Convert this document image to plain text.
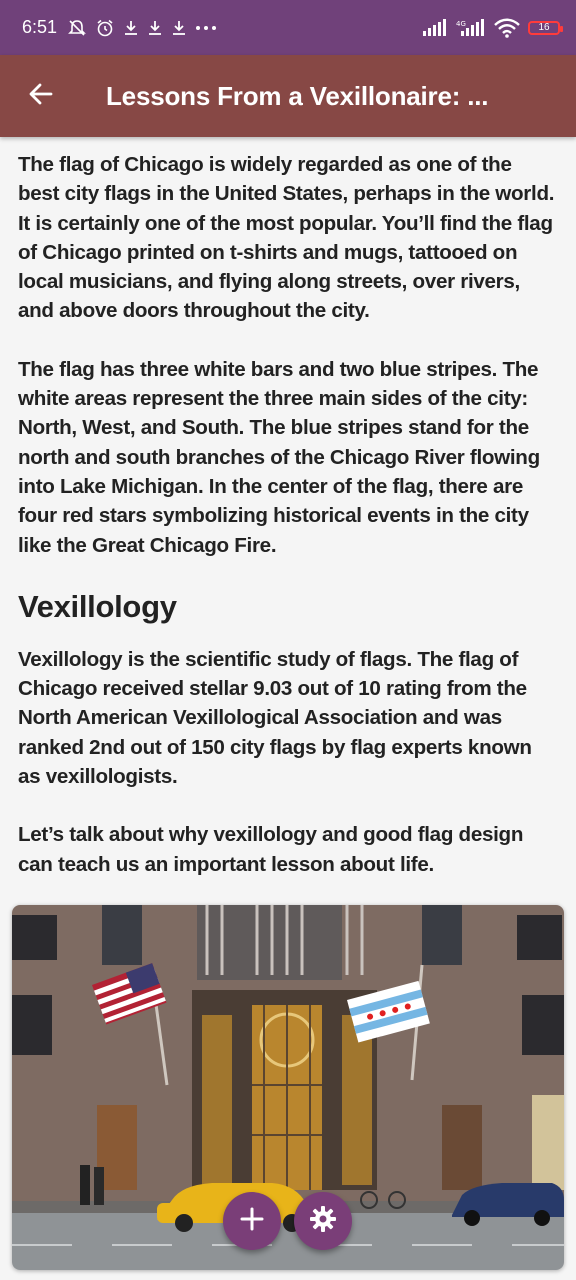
6:51	4G	16
Lessons From a Vexillonaire: ...

The flag of Chicago is widely regarded as one of the best city flags in the United States, perhaps in the world. It is certainly one of the most popular. You’ll find the flag of Chicago printed on t-shirts and mugs, tattooed on local musicians, and flying along streets, over rivers, and above doors throughout the city.

The flag has three white bars and two blue stripes. The white areas represent the three main sides of the city: North, West, and South. The blue stripes stand for the north and south branches of the Chicago River flowing into Lake Michigan. In the center of the flag, there are four red stars symbolizing historical events in the city like the Great Chicago Fire.

Vexillology

Vexillology is the scientific study of flags. The flag of Chicago received stellar 9.03 out of 10 rating from the North American Vexillological Association and was ranked 2nd out of 150 city flags by flag experts known as vexillologists.

Let’s talk about why vexillology and good flag design can teach us an important lesson about life.
